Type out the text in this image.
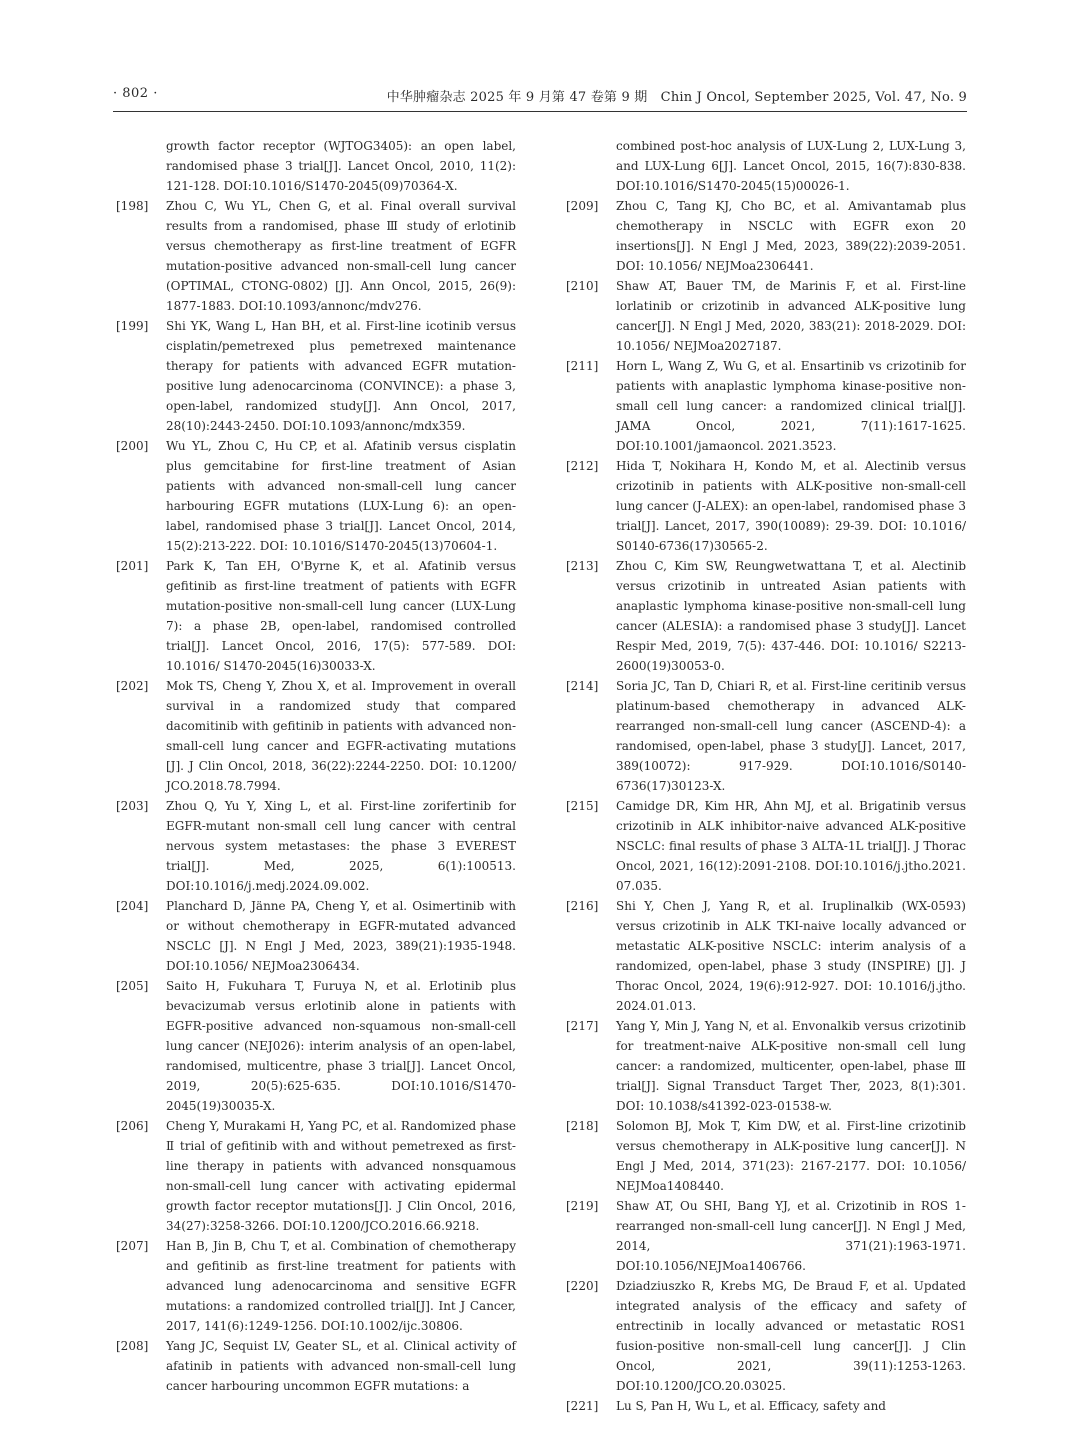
· 802 ·	中华肿瘤杂志 2025 年 9 月第 47 卷第 9 期　Chin J Oncol, September 2025, Vol. 47, No. 9
growth factor receptor (WJTOG3405): an open label, randomised phase 3 trial[J]. Lancet Oncol, 2010, 11(2): 121-128. DOI:10.1016/S1470-2045(09)70364-X.
[198]	Zhou C, Wu YL, Chen G, et al. Final overall survival results from a randomised, phase Ⅲ study of erlotinib versus chemotherapy as first-line treatment of EGFR mutation-positive advanced non-small-cell lung cancer (OPTIMAL, CTONG-0802) [J]. Ann Oncol, 2015, 26(9): 1877-1883. DOI:10.1093/annonc/mdv276.
[199]	Shi YK, Wang L, Han BH, et al. First-line icotinib versus cisplatin/pemetrexed plus pemetrexed maintenance therapy for patients with advanced EGFR mutation-positive lung adenocarcinoma (CONVINCE): a phase 3, open-label, randomized study[J]. Ann Oncol, 2017, 28(10):2443-2450. DOI:10.1093/annonc/mdx359.
[200]	Wu YL, Zhou C, Hu CP, et al. Afatinib versus cisplatin plus gemcitabine for first-line treatment of Asian patients with advanced non-small-cell lung cancer harbouring EGFR mutations (LUX-Lung 6): an open-label, randomised phase 3 trial[J]. Lancet Oncol, 2014, 15(2):213-222. DOI: 10.1016/S1470-2045(13)70604-1.
[201]	Park K, Tan EH, O'Byrne K, et al. Afatinib versus gefitinib as first-line treatment of patients with EGFR mutation-positive non-small-cell lung cancer (LUX-Lung 7): a phase 2B, open-label, randomised controlled trial[J]. Lancet Oncol, 2016, 17(5): 577-589. DOI: 10.1016/ S1470-2045(16)30033-X.
[202]	Mok TS, Cheng Y, Zhou X, et al. Improvement in overall survival in a randomized study that compared dacomitinib with gefitinib in patients with advanced non-small-cell lung cancer and EGFR-activating mutations [J]. J Clin Oncol, 2018, 36(22):2244-2250. DOI: 10.1200/ JCO.2018.78.7994.
[203]	Zhou Q, Yu Y, Xing L, et al. First-line zorifertinib for EGFR-mutant non-small cell lung cancer with central nervous system metastases: the phase 3 EVEREST trial[J]. Med, 2025, 6(1):100513. DOI:10.1016/j.medj.2024.09.002.
[204]	Planchard D, Jänne PA, Cheng Y, et al. Osimertinib with or without chemotherapy in EGFR-mutated advanced NSCLC [J]. N Engl J Med, 2023, 389(21):1935-1948. DOI:10.1056/ NEJMoa2306434.
[205]	Saito H, Fukuhara T, Furuya N, et al. Erlotinib plus bevacizumab versus erlotinib alone in patients with EGFR-positive advanced non-squamous non-small-cell lung cancer (NEJ026): interim analysis of an open-label, randomised, multicentre, phase 3 trial[J]. Lancet Oncol, 2019, 20(5):625-635. DOI:10.1016/S1470-2045(19)30035-X.
[206]	Cheng Y, Murakami H, Yang PC, et al. Randomized phase Ⅱ trial of gefitinib with and without pemetrexed as first-line therapy in patients with advanced nonsquamous non-small-cell lung cancer with activating epidermal growth factor receptor mutations[J]. J Clin Oncol, 2016, 34(27):3258-3266. DOI:10.1200/JCO.2016.66.9218.
[207]	Han B, Jin B, Chu T, et al. Combination of chemotherapy and gefitinib as first-line treatment for patients with advanced lung adenocarcinoma and sensitive EGFR mutations: a randomized controlled trial[J]. Int J Cancer, 2017, 141(6):1249-1256. DOI:10.1002/ijc.30806.
[208]	Yang JC, Sequist LV, Geater SL, et al. Clinical activity of afatinib in patients with advanced non-small-cell lung cancer harbouring uncommon EGFR mutations: a
combined post-hoc analysis of LUX-Lung 2, LUX-Lung 3, and LUX-Lung 6[J]. Lancet Oncol, 2015, 16(7):830-838. DOI:10.1016/S1470-2045(15)00026-1.
[209]	Zhou C, Tang KJ, Cho BC, et al. Amivantamab plus chemotherapy in NSCLC with EGFR exon 20 insertions[J]. N Engl J Med, 2023, 389(22):2039-2051. DOI: 10.1056/ NEJMoa2306441.
[210]	Shaw AT, Bauer TM, de Marinis F, et al. First-line lorlatinib or crizotinib in advanced ALK-positive lung cancer[J]. N Engl J Med, 2020, 383(21): 2018-2029. DOI: 10.1056/ NEJMoa2027187.
[211]	Horn L, Wang Z, Wu G, et al. Ensartinib vs crizotinib for patients with anaplastic lymphoma kinase-positive non-small cell lung cancer: a randomized clinical trial[J]. JAMA Oncol, 2021, 7(11):1617-1625. DOI:10.1001/jamaoncol. 2021.3523.
[212]	Hida T, Nokihara H, Kondo M, et al. Alectinib versus crizotinib in patients with ALK-positive non-small-cell lung cancer (J-ALEX): an open-label, randomised phase 3 trial[J]. Lancet, 2017, 390(10089): 29-39. DOI: 10.1016/ S0140-6736(17)30565-2.
[213]	Zhou C, Kim SW, Reungwetwattana T, et al. Alectinib versus crizotinib in untreated Asian patients with anaplastic lymphoma kinase-positive non-small-cell lung cancer (ALESIA): a randomised phase 3 study[J]. Lancet Respir Med, 2019, 7(5): 437-446. DOI: 10.1016/ S2213-2600(19)30053-0.
[214]	Soria JC, Tan D, Chiari R, et al. First-line ceritinib versus platinum-based chemotherapy in advanced ALK-rearranged non-small-cell lung cancer (ASCEND-4): a randomised, open-label, phase 3 study[J]. Lancet, 2017, 389(10072): 917-929. DOI:10.1016/S0140-6736(17)30123-X.
[215]	Camidge DR, Kim HR, Ahn MJ, et al. Brigatinib versus crizotinib in ALK inhibitor-naive advanced ALK-positive NSCLC: final results of phase 3 ALTA-1L trial[J]. J Thorac Oncol, 2021, 16(12):2091-2108. DOI:10.1016/j.jtho.2021. 07.035.
[216]	Shi Y, Chen J, Yang R, et al. Iruplinalkib (WX-0593) versus crizotinib in ALK TKI-naive locally advanced or metastatic ALK-positive NSCLC: interim analysis of a randomized, open-label, phase 3 study (INSPIRE) [J]. J Thorac Oncol, 2024, 19(6):912-927. DOI: 10.1016/j.jtho. 2024.01.013.
[217]	Yang Y, Min J, Yang N, et al. Envonalkib versus crizotinib for treatment-naive ALK-positive non-small cell lung cancer: a randomized, multicenter, open-label, phase Ⅲ trial[J]. Signal Transduct Target Ther, 2023, 8(1):301. DOI: 10.1038/s41392-023-01538-w.
[218]	Solomon BJ, Mok T, Kim DW, et al. First-line crizotinib versus chemotherapy in ALK-positive lung cancer[J]. N Engl J Med, 2014, 371(23): 2167-2177. DOI: 10.1056/ NEJMoa1408440.
[219]	Shaw AT, Ou SHI, Bang YJ, et al. Crizotinib in ROS 1-rearranged non-small-cell lung cancer[J]. N Engl J Med, 2014, 371(21):1963-1971. DOI:10.1056/NEJMoa1406766.
[220]	Dziadziuszko R, Krebs MG, De Braud F, et al. Updated integrated analysis of the efficacy and safety of entrectinib in locally advanced or metastatic ROS1 fusion-positive non-small-cell lung cancer[J]. J Clin Oncol, 2021, 39(11):1253-1263. DOI:10.1200/JCO.20.03025.
[221]	Lu S, Pan H, Wu L, et al. Efficacy, safety and
